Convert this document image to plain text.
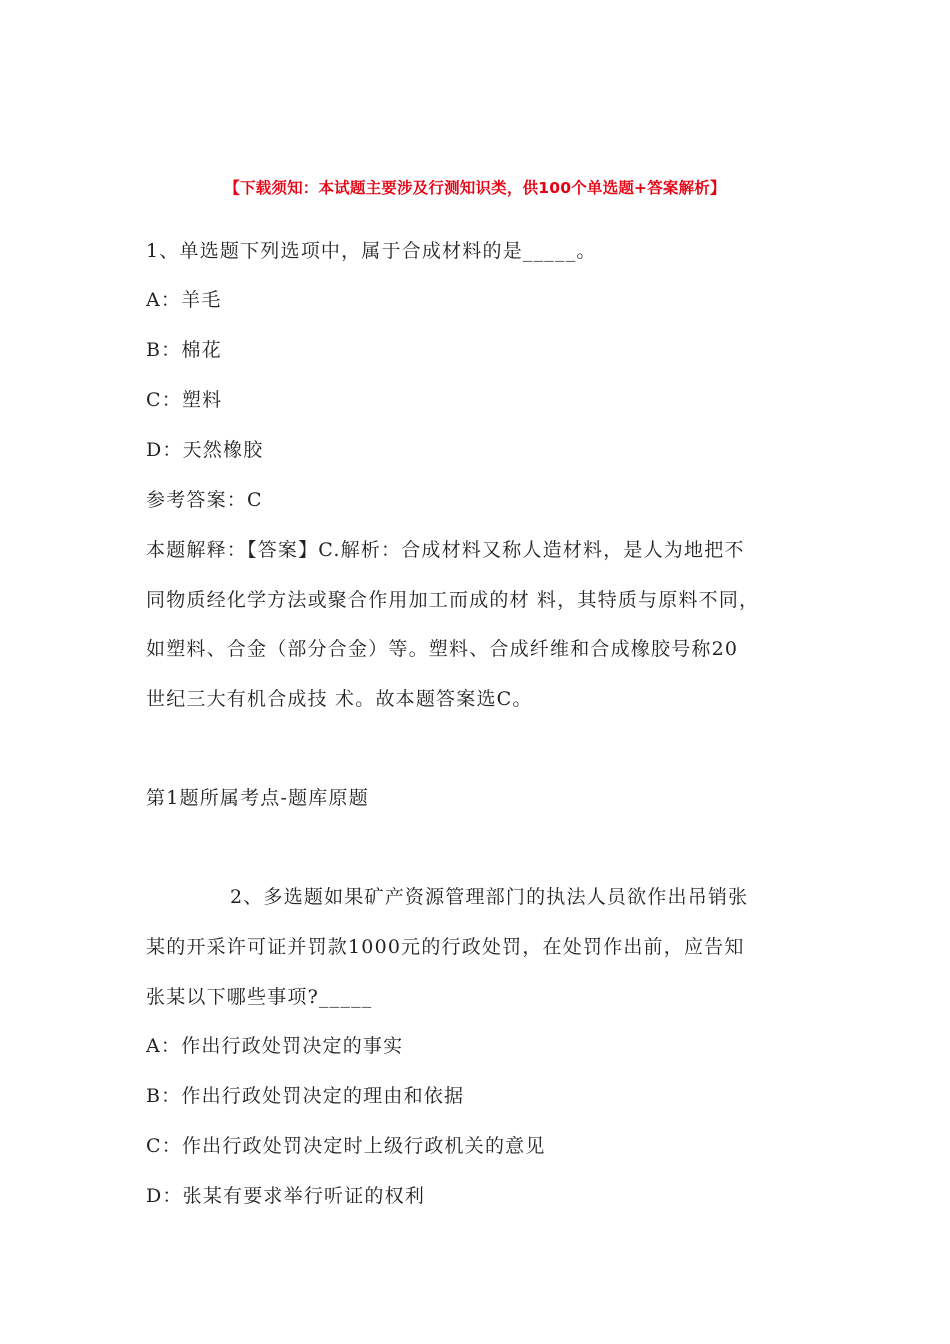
【下载须知：本试题主要涉及行测知识类，供100个单选题+答案解析】
1、单选题下列选项中，属于合成材料的是_____。
A：羊毛
B：棉花
C：塑料
D：天然橡胶
参考答案：C
本题解释：【答案】C.解析：合成材料又称人造材料，是人为地把不
同物质经化学方法或聚合作用加工而成的材 料，其特质与原料不同，
如塑料、合金（部分合金）等。塑料、合成纤维和合成橡胶号称20
世纪三大有机合成技 术。故本题答案选C。
第1题所属考点-题库原题
2、多选题如果矿产资源管理部门的执法人员欲作出吊销张
某的开采许可证并罚款1000元的行政处罚，在处罚作出前，应告知
张某以下哪些事项?_____
A：作出行政处罚决定的事实
B：作出行政处罚决定的理由和依据
C：作出行政处罚决定时上级行政机关的意见
D：张某有要求举行听证的权利
